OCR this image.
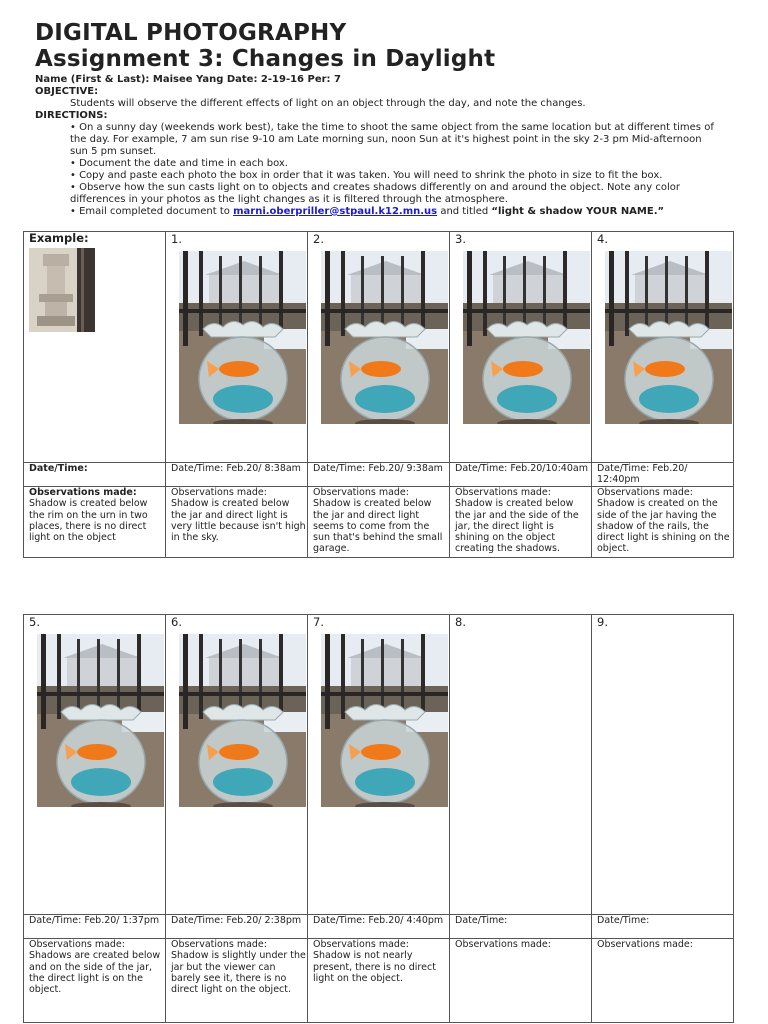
DIGITAL PHOTOGRAPHY
Assignment 3: Changes in Daylight
Name (First & Last): Maisee Yang Date: 2-19-16 Per: 7
OBJECTIVE:
Students will observe the different effects of light on an object through the day, and note the changes.
DIRECTIONS:
• On a sunny day (weekends work best), take the time to shoot the same object from the same location but at different times of
the day. For example, 7 am sun rise 9-10 am Late morning sun, noon Sun at it's highest point in the sky 2-3 pm Mid-afternoon
sun 5 pm sunset.
• Document the date and time in each box.
• Copy and paste each photo the box in order that it was taken. You will need to shrink the photo in size to fit the box.
• Observe how the sun casts light on to objects and creates shadows differently on and around the object. Note any color
differences in your photos as the light changes as it is filtered through the atmosphere.
• Email completed document to marni.oberpriller@stpaul.k12.mn.us and titled “light & shadow YOUR NAME.”
Example:	1.	2.	3.	4.

Date/Time:	Date/Time: Feb.20/ 8:38am	Date/Time: Feb.20/ 9:38am	Date/Time: Feb.20/10:40am	Date/Time: Feb.20/ 12:40pm
Observations made:
Shadow is created below the rim on the urn in two places, there is no direct light on the object	Observations made:
Shadow is created below the jar and direct light is very little because isn't high in the sky.	Observations made:
Shadow is created below the jar and direct light seems to come from the sun that's behind the small garage.	Observations made:
Shadow is created below the jar and the side of the jar, the direct light is shining on the object creating the shadows.	Observations made:
Shadow is created on the side of the jar having the shadow of the rails, the direct light is shining on the object.
5.	6.	7.	8.	9.

Date/Time: Feb.20/ 1:37pm	Date/Time: Feb.20/ 2:38pm	Date/Time: Feb.20/ 4:40pm	Date/Time:	Date/Time:
Observations made:
Shadows are created below and on the side of the jar, the direct light is on the object.	Observations made:
Shadow is slightly under the jar but the viewer can barely see it, there is no direct light on the object.	Observations made:
Shadow is not nearly present, there is no direct light on the object.	Observations made:	Observations made:
